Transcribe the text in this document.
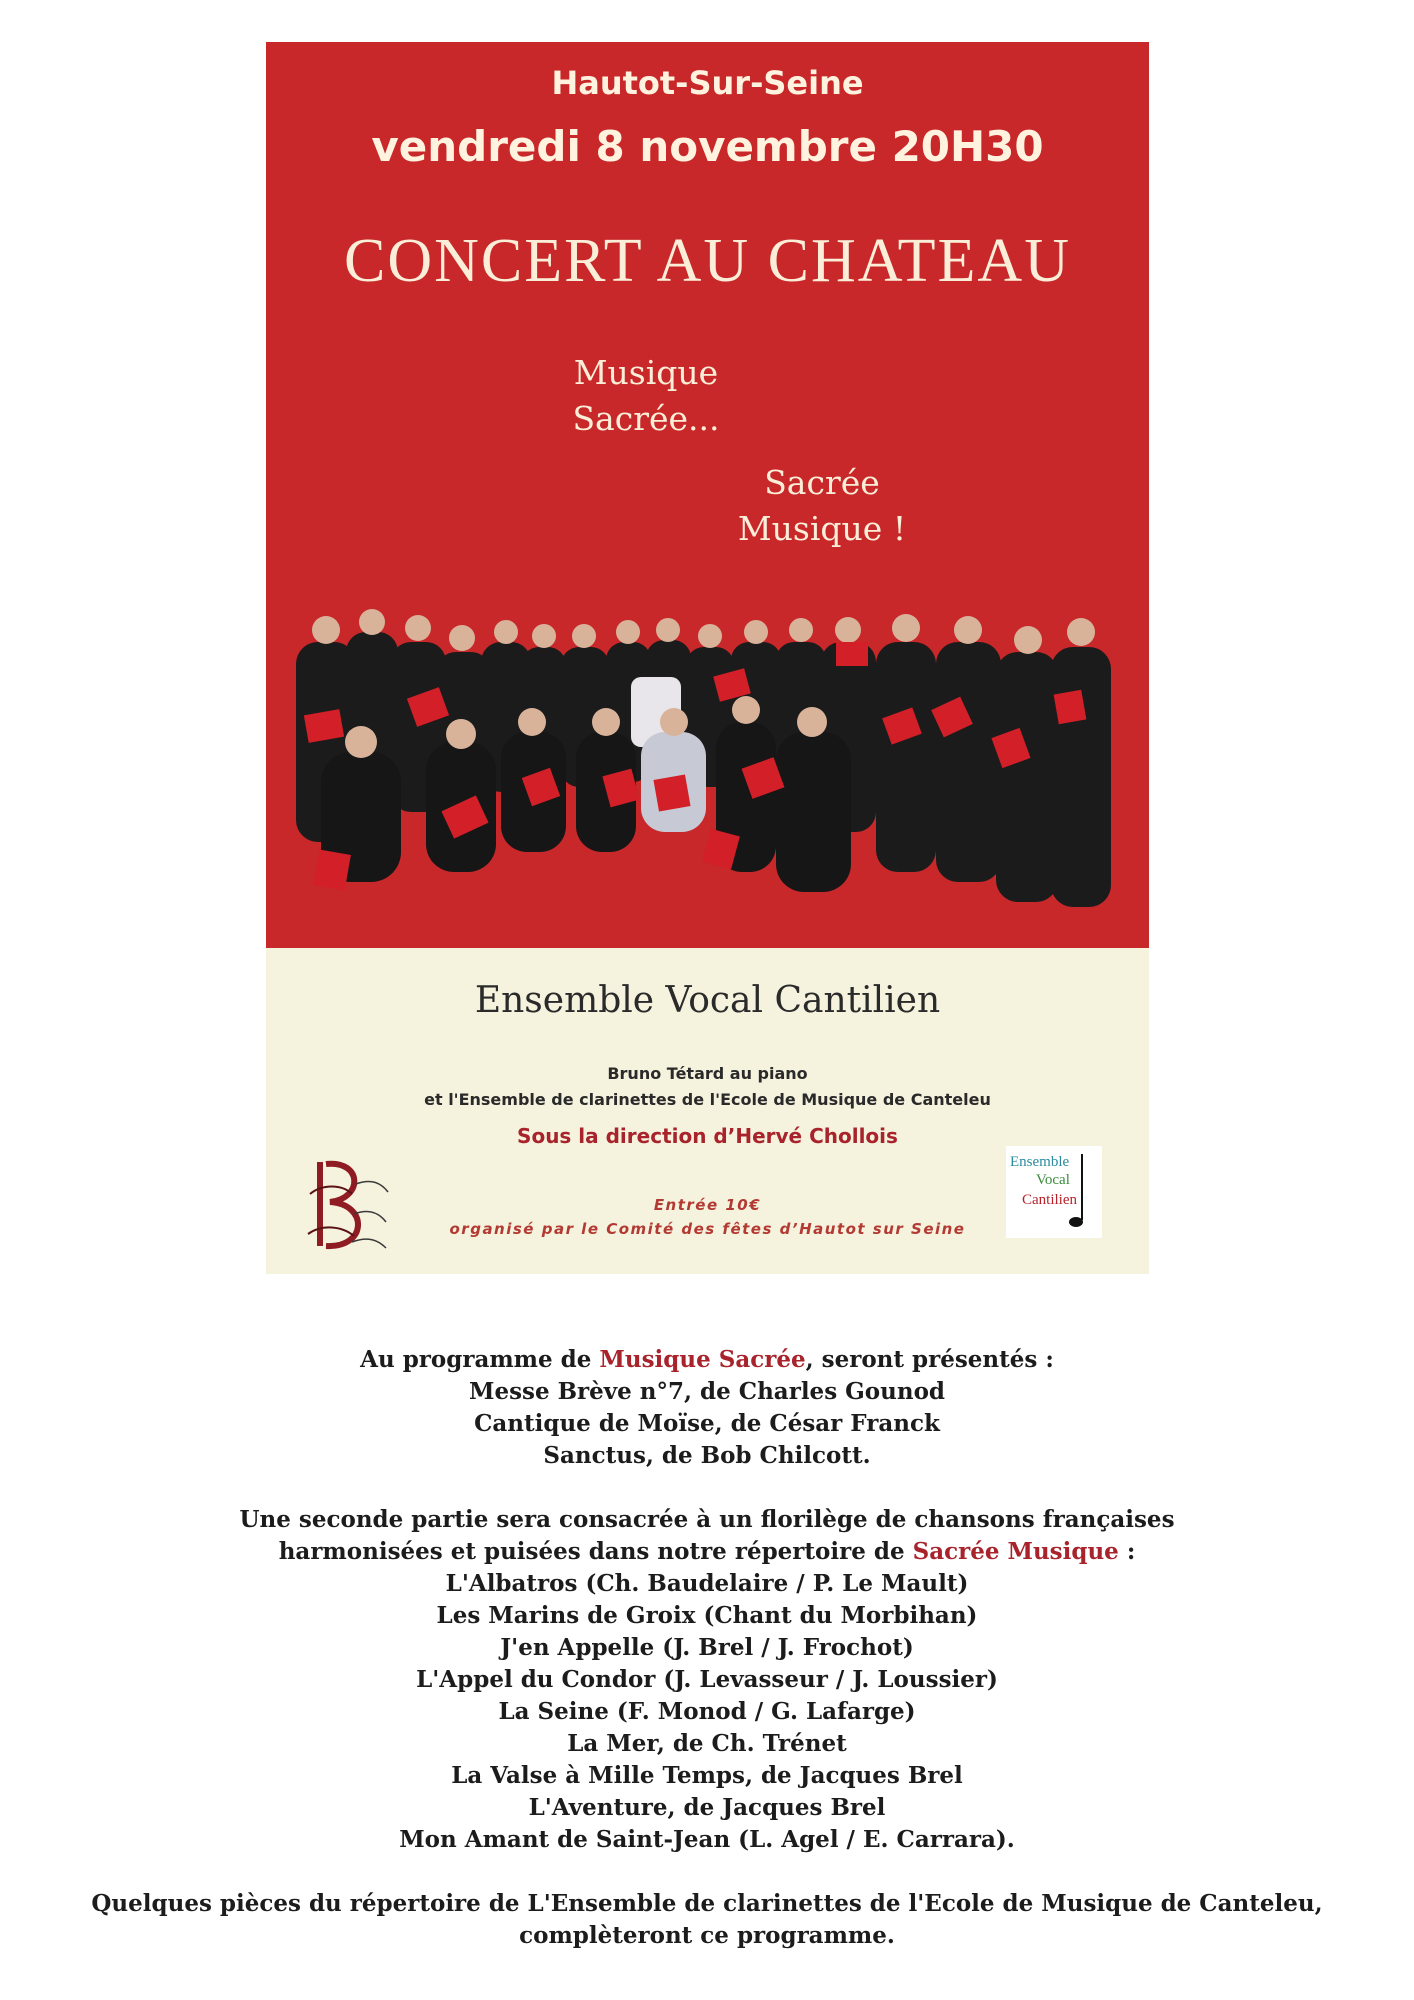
Hautot-Sur-Seine
vendredi 8 novembre 20H30
CONCERT AU CHATEAU
Musique
Sacrée...
Sacrée
Musique !
Ensemble Vocal Cantilien
Bruno Tétard au piano
et l'Ensemble de clarinettes de l'Ecole de Musique de Canteleu
Sous la direction d’Hervé Chollois
Entrée 10€
organisé par le Comité des fêtes d’Hautot sur Seine
Ensemble
Vocal
Cantilien

Au programme de Musique Sacrée, seront présentés :

Messe Brève n°7, de Charles Gounod

Cantique de Moïse, de César Franck

Sanctus, de Bob Chilcott.

Une seconde partie sera consacrée à un florilège de chansons françaises

harmonisées et puisées dans notre répertoire de Sacrée Musique :

L'Albatros (Ch. Baudelaire / P. Le Mault)

Les Marins de Groix (Chant du Morbihan)

J'en Appelle (J. Brel / J. Frochot)

L'Appel du Condor (J. Levasseur / J. Loussier)

La Seine (F. Monod / G. Lafarge)

La Mer, de Ch. Trénet

La Valse à Mille Temps, de Jacques Brel

L'Aventure, de Jacques Brel

Mon Amant de Saint-Jean (L. Agel / E. Carrara).

Quelques pièces du répertoire de L'Ensemble de clarinettes de l'Ecole de Musique de Canteleu,

complèteront ce programme.
